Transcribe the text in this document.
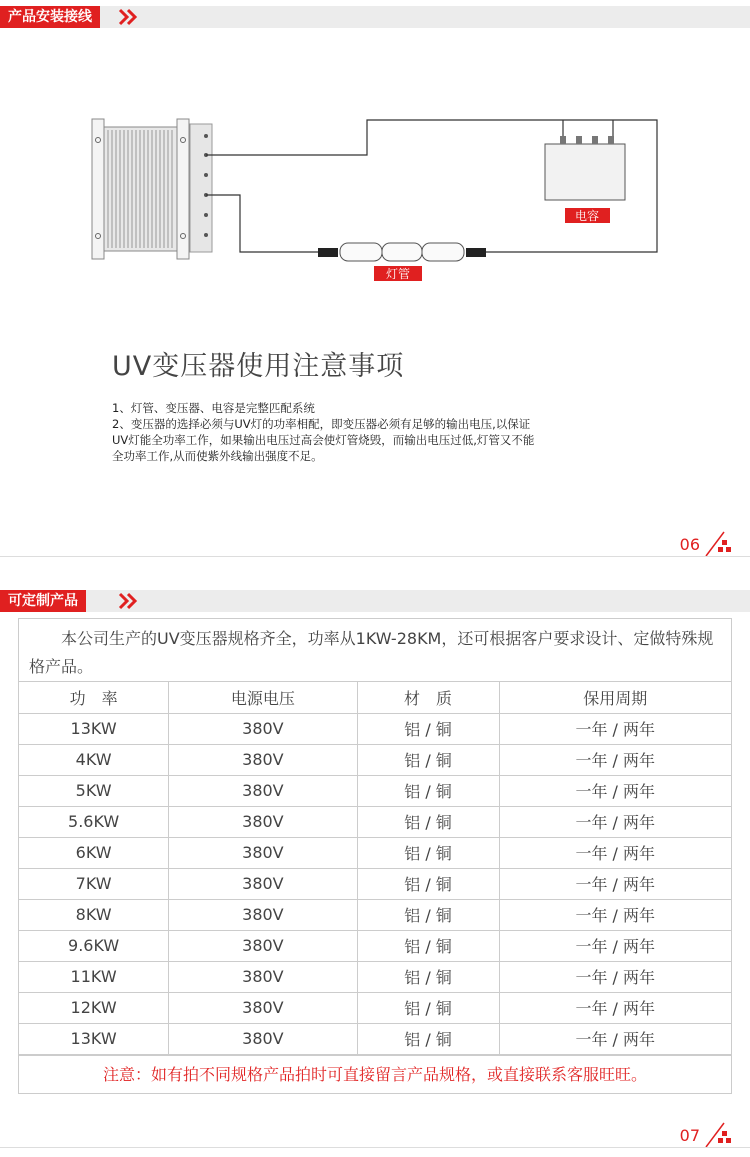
产品安装接线
电容
灯管
UV变压器使用注意事项

1、灯管、变压器、电容是完整匹配系统

2、变压器的选择必须与UV灯的功率相配，即变压器必须有足够的输出电压,以保证

UV灯能全功率工作，如果输出电压过高会使灯管烧毁，而输出电压过低,灯管又不能

全功率工作,从而使紫外线输出强度不足。

06
可定制产品
本公司生产的UV变压器规格齐全，功率从1KW-28KM，还可根据客户要求设计、定做特殊规格产品。
功　率	电源电压	材　质	保用周期
13KW	380V	铝 / 铜	一年 / 两年
4KW	380V	铝 / 铜	一年 / 两年
5KW	380V	铝 / 铜	一年 / 两年
5.6KW	380V	铝 / 铜	一年 / 两年
6KW	380V	铝 / 铜	一年 / 两年
7KW	380V	铝 / 铜	一年 / 两年
8KW	380V	铝 / 铜	一年 / 两年
9.6KW	380V	铝 / 铜	一年 / 两年
11KW	380V	铝 / 铜	一年 / 两年
12KW	380V	铝 / 铜	一年 / 两年
13KW	380V	铝 / 铜	一年 / 两年
注意：如有拍不同规格产品拍时可直接留言产品规格，或直接联系客服旺旺。
07
